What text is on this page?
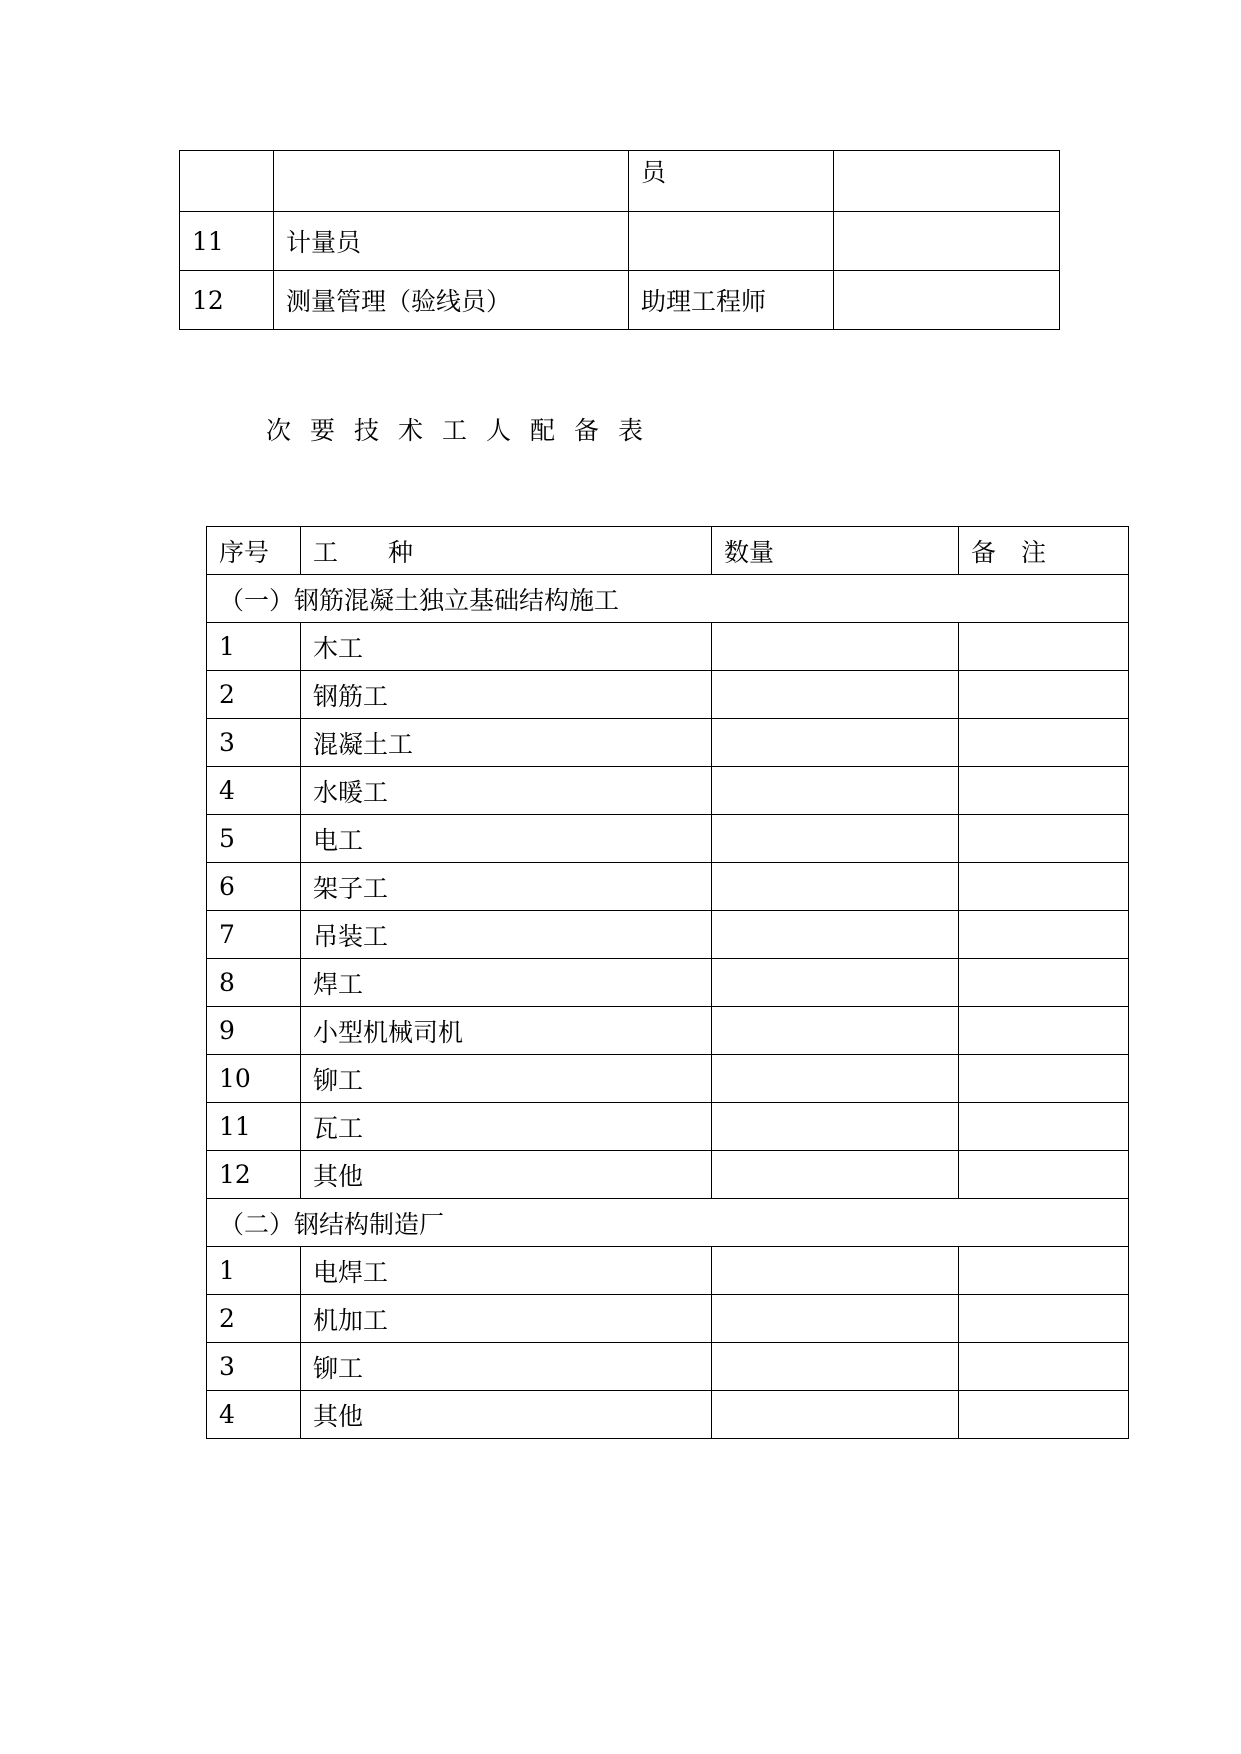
		员	
11	计量员		
12	测量管理（验线员）	助理工程师	
次要技术工人配备表
序号	工　　种	数量	备　注
（一）钢筋混凝土独立基础结构施工			
1	木工		
2	钢筋工		
3	混凝土工		
4	水暖工		
5	电工		
6	架子工		
7	吊装工		
8	焊工		
9	小型机械司机		
10	铆工		
11	瓦工		
12	其他		
（二）钢结构制造厂			
1	电焊工		
2	机加工		
3	铆工		
4	其他		
